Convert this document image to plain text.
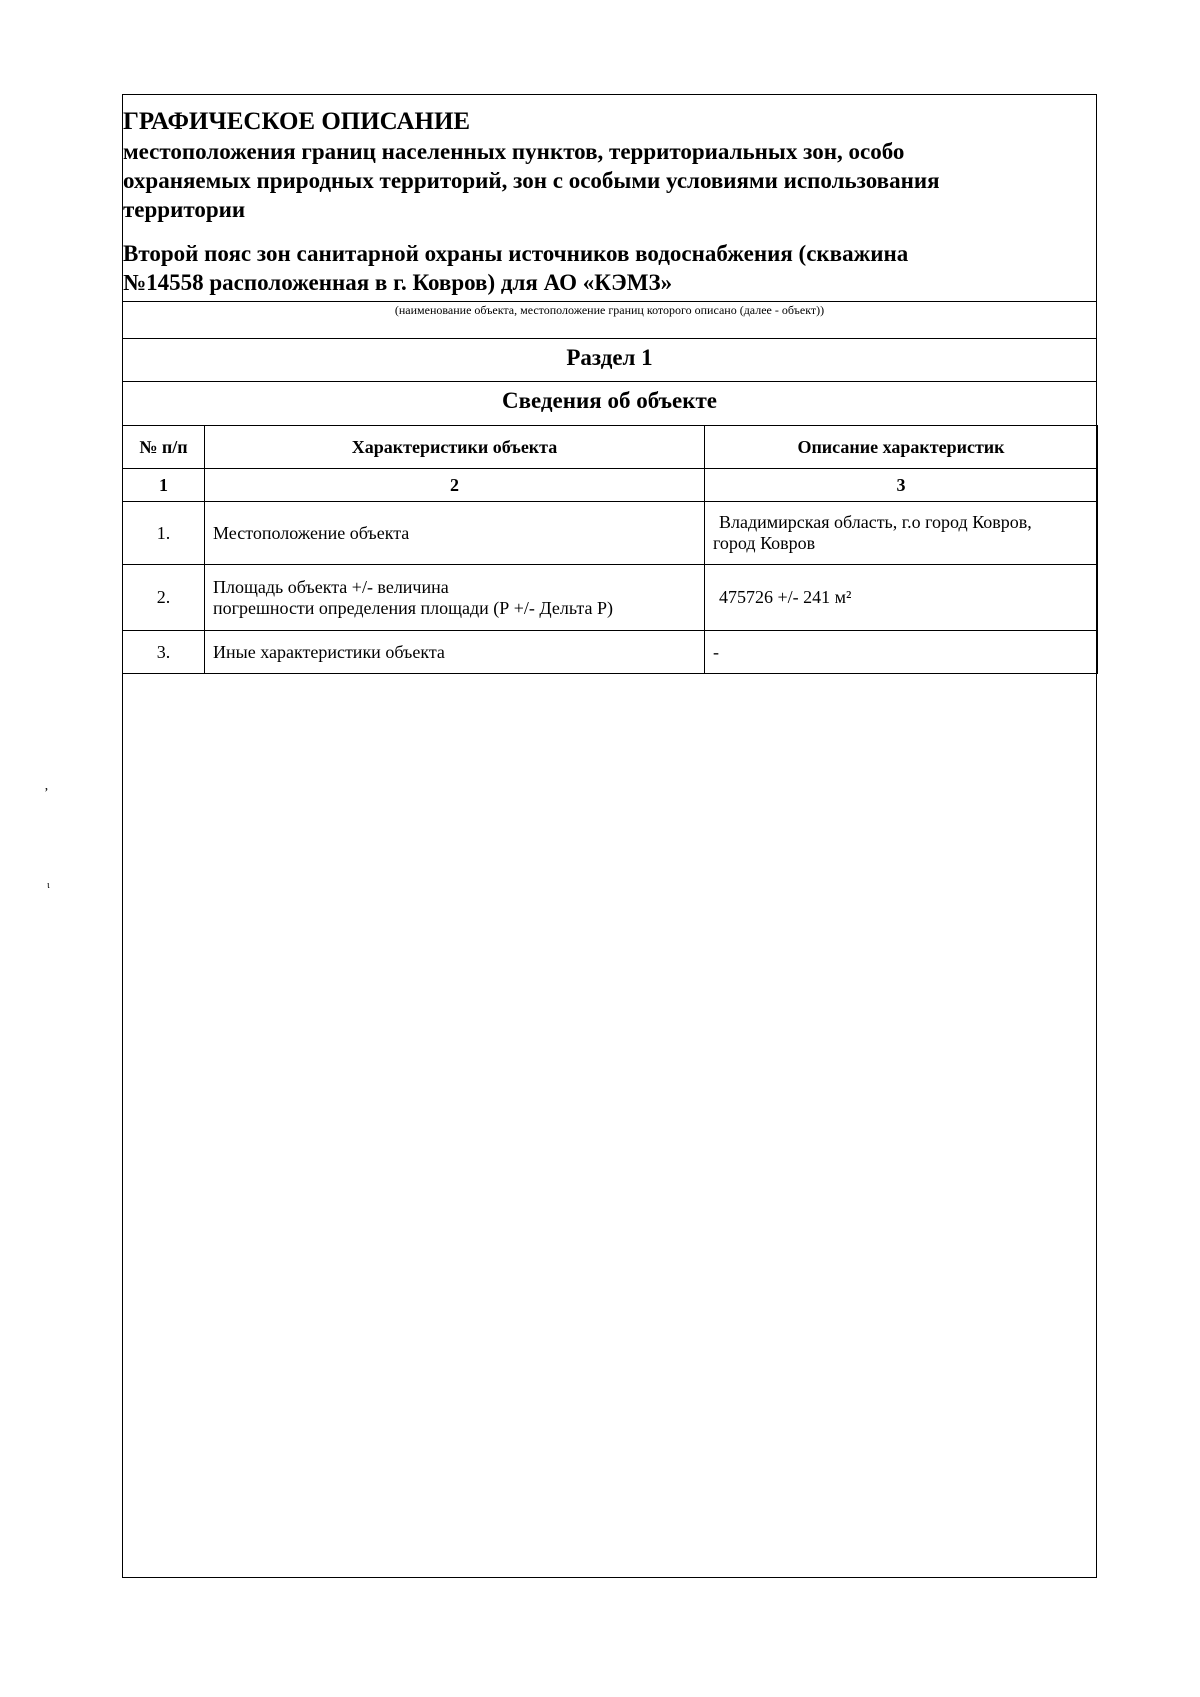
ГРАФИЧЕСКОЕ ОПИСАНИЕ
местоположения границ населенных пунктов, территориальных зон, особо
охраняемых природных территорий, зон с особыми условиями использования
территории
Второй пояс зон санитарной охраны источников водоснабжения (скважина
№14558 расположенная в г. Ковров) для АО «КЭМЗ»
(наименование объекта, местоположение границ которого описано (далее - объект))
Раздел 1
Сведения об объекте
№ п/п	Характеристики объекта	Описание характеристик
1	2	3
1.	Местоположение объекта	Владимирская область, г.о город Ковров,
город Ковров

2.	Площадь объекта +/- величина
погрешности определения площади (Р +/- Дельта Р)	475726 +/- 241 м²

3.	Иные характеристики объекта	-
’
ι
